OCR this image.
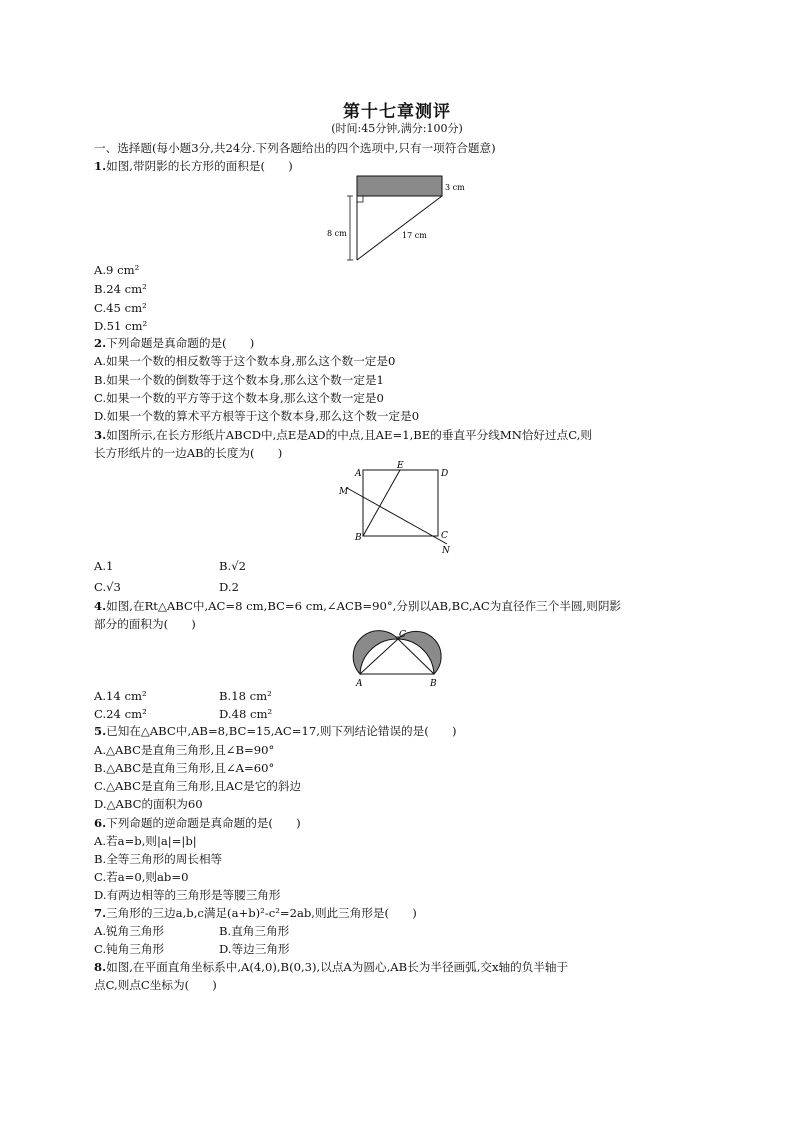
第十七章测评
(时间:45分钟,满分:100分)
一、选择题(每小题3分,共24分.下列各题给出的四个选项中,只有一项符合题意)
1.如图,带阴影的长方形的面积是(　　)
3 cm
8 cm	17 cm
A.9 cm²
B.24 cm²
C.45 cm²
D.51 cm²
2.下列命题是真命题的是(　　)
A.如果一个数的相反数等于这个数本身,那么这个数一定是0
B.如果一个数的倒数等于这个数本身,那么这个数一定是1
C.如果一个数的平方等于这个数本身,那么这个数一定是0
D.如果一个数的算术平方根等于这个数本身,那么这个数一定是0
3.如图所示,在长方形纸片ABCD中,点E是AD的中点,且AE=1,BE的垂直平分线MN恰好过点C,则
长方形纸片的一边AB的长度为(　　)
A
E
D
M
B	C
N
A.1	B.√2
C.√3	D.2
4.如图,在Rt△ABC中,AC=8 cm,BC=6 cm,∠ACB=90°,分别以AB,BC,AC为直径作三个半圆,则阴影
部分的面积为(　　)
A	B
C
A.14 cm²	B.18 cm²
C.24 cm²	D.48 cm²
5.已知在△ABC中,AB=8,BC=15,AC=17,则下列结论错误的是(　　)
A.△ABC是直角三角形,且∠B=90°
B.△ABC是直角三角形,且∠A=60°
C.△ABC是直角三角形,且AC是它的斜边
D.△ABC的面积为60
6.下列命题的逆命题是真命题的是(　　)
A.若a=b,则|a|=|b|
B.全等三角形的周长相等
C.若a=0,则ab=0
D.有两边相等的三角形是等腰三角形
7.三角形的三边a,b,c满足(a+b)²-c²=2ab,则此三角形是(　　)
A.锐角三角形	B.直角三角形
C.钝角三角形	D.等边三角形
8.如图,在平面直角坐标系中,A(4,0),B(0,3),以点A为圆心,AB长为半径画弧,交x轴的负半轴于
点C,则点C坐标为(　　)
